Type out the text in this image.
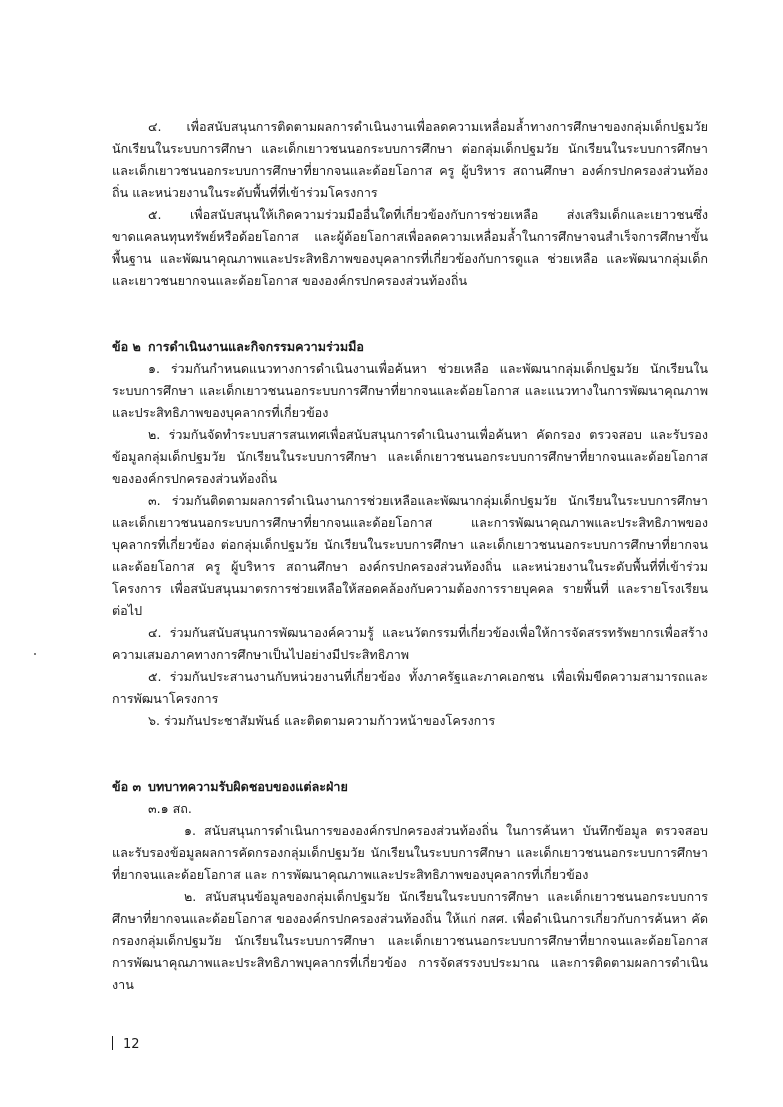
๔. เพื่อสนับสนุนการติดตามผลการดำเนินงานเพื่อลดความเหลื่อมล้ำทางการศึกษาของกลุ่มเด็กปฐมวัย นักเรียนในระบบการศึกษา และเด็กเยาวชนนอกระบบการศึกษา ต่อกลุ่มเด็กปฐมวัย นักเรียนในระบบการศึกษา และเด็กเยาวชนนอกระบบการศึกษาที่ยากจนและด้อยโอกาส ครู ผู้บริหาร สถานศึกษา องค์กรปกครองส่วนท้องถิ่น และหน่วยงานในระดับพื้นที่ที่เข้าร่วมโครงการ

๕. เพื่อสนับสนุนให้เกิดความร่วมมืออื่นใดที่เกี่ยวข้องกับการช่วยเหลือ ส่งเสริมเด็กและเยาวชนซึ่งขาดแคลนทุนทรัพย์หรือด้อยโอกาส และผู้ด้อยโอกาสเพื่อลดความเหลื่อมล้ำในการศึกษาจนสำเร็จการศึกษาขั้นพื้นฐาน และพัฒนาคุณภาพและประสิทธิภาพของบุคลากรที่เกี่ยวข้องกับการดูแล ช่วยเหลือ และพัฒนากลุ่มเด็กและเยาวชนยากจนและด้อยโอกาส ขององค์กรปกครองส่วนท้องถิ่น

ข้อ ๒ การดำเนินงานและกิจกรรมความร่วมมือ

๑. ร่วมกันกำหนดแนวทางการดำเนินงานเพื่อค้นหา ช่วยเหลือ และพัฒนากลุ่มเด็กปฐมวัย นักเรียนในระบบการศึกษา และเด็กเยาวชนนอกระบบการศึกษาที่ยากจนและด้อยโอกาส และแนวทางในการพัฒนาคุณภาพและประสิทธิภาพของบุคลากรที่เกี่ยวข้อง

๒. ร่วมกันจัดทำระบบสารสนเทศเพื่อสนับสนุนการดำเนินงานเพื่อค้นหา คัดกรอง ตรวจสอบ และรับรองข้อมูลกลุ่มเด็กปฐมวัย นักเรียนในระบบการศึกษา และเด็กเยาวชนนอกระบบการศึกษาที่ยากจนและด้อยโอกาส ขององค์กรปกครองส่วนท้องถิ่น

๓. ร่วมกันติดตามผลการดำเนินงานการช่วยเหลือและพัฒนากลุ่มเด็กปฐมวัย นักเรียนในระบบการศึกษา และเด็กเยาวชนนอกระบบการศึกษาที่ยากจนและด้อยโอกาส และการพัฒนาคุณภาพและประสิทธิภาพของบุคลากรที่เกี่ยวข้อง ต่อกลุ่มเด็กปฐมวัย นักเรียนในระบบการศึกษา และเด็กเยาวชนนอกระบบการศึกษาที่ยากจน และด้อยโอกาส ครู ผู้บริหาร สถานศึกษา องค์กรปกครองส่วนท้องถิ่น และหน่วยงานในระดับพื้นที่ที่เข้าร่วมโครงการ เพื่อสนับสนุนมาตรการช่วยเหลือให้สอดคล้องกับความต้องการรายบุคคล รายพื้นที่ และรายโรงเรียน ต่อไป

๔. ร่วมกันสนับสนุนการพัฒนาองค์ความรู้ และนวัตกรรมที่เกี่ยวข้องเพื่อให้การจัดสรรทรัพยากรเพื่อสร้างความเสมอภาคทางการศึกษาเป็นไปอย่างมีประสิทธิภาพ

๕. ร่วมกันประสานงานกับหน่วยงานที่เกี่ยวข้อง ทั้งภาครัฐและภาคเอกชน เพื่อเพิ่มขีดความสามารถและการพัฒนาโครงการ

๖. ร่วมกันประชาสัมพันธ์ และติดตามความก้าวหน้าของโครงการ

ข้อ ๓ บทบาทความรับผิดชอบของแต่ละฝ่าย

๓.๑ สถ.

๑. สนับสนุนการดำเนินการขององค์กรปกครองส่วนท้องถิ่น ในการค้นหา บันทึกข้อมูล ตรวจสอบและรับรองข้อมูลผลการคัดกรองกลุ่มเด็กปฐมวัย นักเรียนในระบบการศึกษา และเด็กเยาวชนนอกระบบการศึกษาที่ยากจนและด้อยโอกาส และ การพัฒนาคุณภาพและประสิทธิภาพของบุคลากรที่เกี่ยวข้อง

๒. สนับสนุนข้อมูลของกลุ่มเด็กปฐมวัย นักเรียนในระบบการศึกษา และเด็กเยาวชนนอกระบบการศึกษาที่ยากจนและด้อยโอกาส ขององค์กรปกครองส่วนท้องถิ่น ให้แก่ กสศ. เพื่อดำเนินการเกี่ยวกับการค้นหา คัดกรองกลุ่มเด็กปฐมวัย นักเรียนในระบบการศึกษา และเด็กเยาวชนนอกระบบการศึกษาที่ยากจนและด้อยโอกาส การพัฒนาคุณภาพและประสิทธิภาพบุคลากรที่เกี่ยวข้อง การจัดสรรงบประมาณ และการติดตามผลการดำเนินงาน

12
